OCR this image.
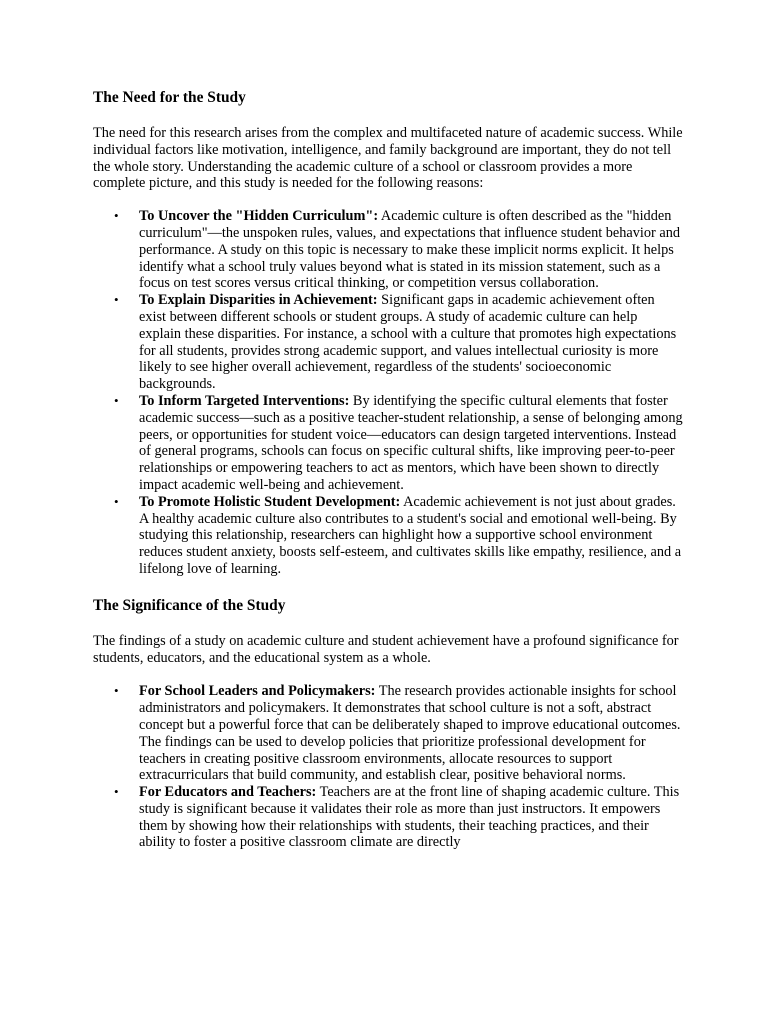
The Need for the Study

The need for this research arises from the complex and multifaceted nature of academic success. While individual factors like motivation, intelligence, and family background are important, they do not tell the whole story. Understanding the academic culture of a school or classroom provides a more complete picture, and this study is needed for the following reasons:

• To Uncover the "Hidden Curriculum": Academic culture is often described as the "hidden curriculum"—the unspoken rules, values, and expectations that influence student behavior and performance. A study on this topic is necessary to make these implicit norms explicit. It helps identify what a school truly values beyond what is stated in its mission statement, such as a focus on test scores versus critical thinking, or competition versus collaboration.
• To Explain Disparities in Achievement: Significant gaps in academic achievement often exist between different schools or student groups. A study of academic culture can help explain these disparities. For instance, a school with a culture that promotes high expectations for all students, provides strong academic support, and values intellectual curiosity is more likely to see higher overall achievement, regardless of the students' socioeconomic backgrounds.
• To Inform Targeted Interventions: By identifying the specific cultural elements that foster academic success—such as a positive teacher-student relationship, a sense of belonging among peers, or opportunities for student voice—educators can design targeted interventions. Instead of general programs, schools can focus on specific cultural shifts, like improving peer-to-peer relationships or empowering teachers to act as mentors, which have been shown to directly impact academic well-being and achievement.
• To Promote Holistic Student Development: Academic achievement is not just about grades. A healthy academic culture also contributes to a student's social and emotional well-being. By studying this relationship, researchers can highlight how a supportive school environment reduces student anxiety, boosts self-esteem, and cultivates skills like empathy, resilience, and a lifelong love of learning.
The Significance of the Study

The findings of a study on academic culture and student achievement have a profound significance for students, educators, and the educational system as a whole.

• For School Leaders and Policymakers: The research provides actionable insights for school administrators and policymakers. It demonstrates that school culture is not a soft, abstract concept but a powerful force that can be deliberately shaped to improve educational outcomes. The findings can be used to develop policies that prioritize professional development for teachers in creating positive classroom environments, allocate resources to support extracurriculars that build community, and establish clear, positive behavioral norms.
• For Educators and Teachers: Teachers are at the front line of shaping academic culture. This study is significant because it validates their role as more than just instructors. It empowers them by showing how their relationships with students, their teaching practices, and their ability to foster a positive classroom climate are directly
